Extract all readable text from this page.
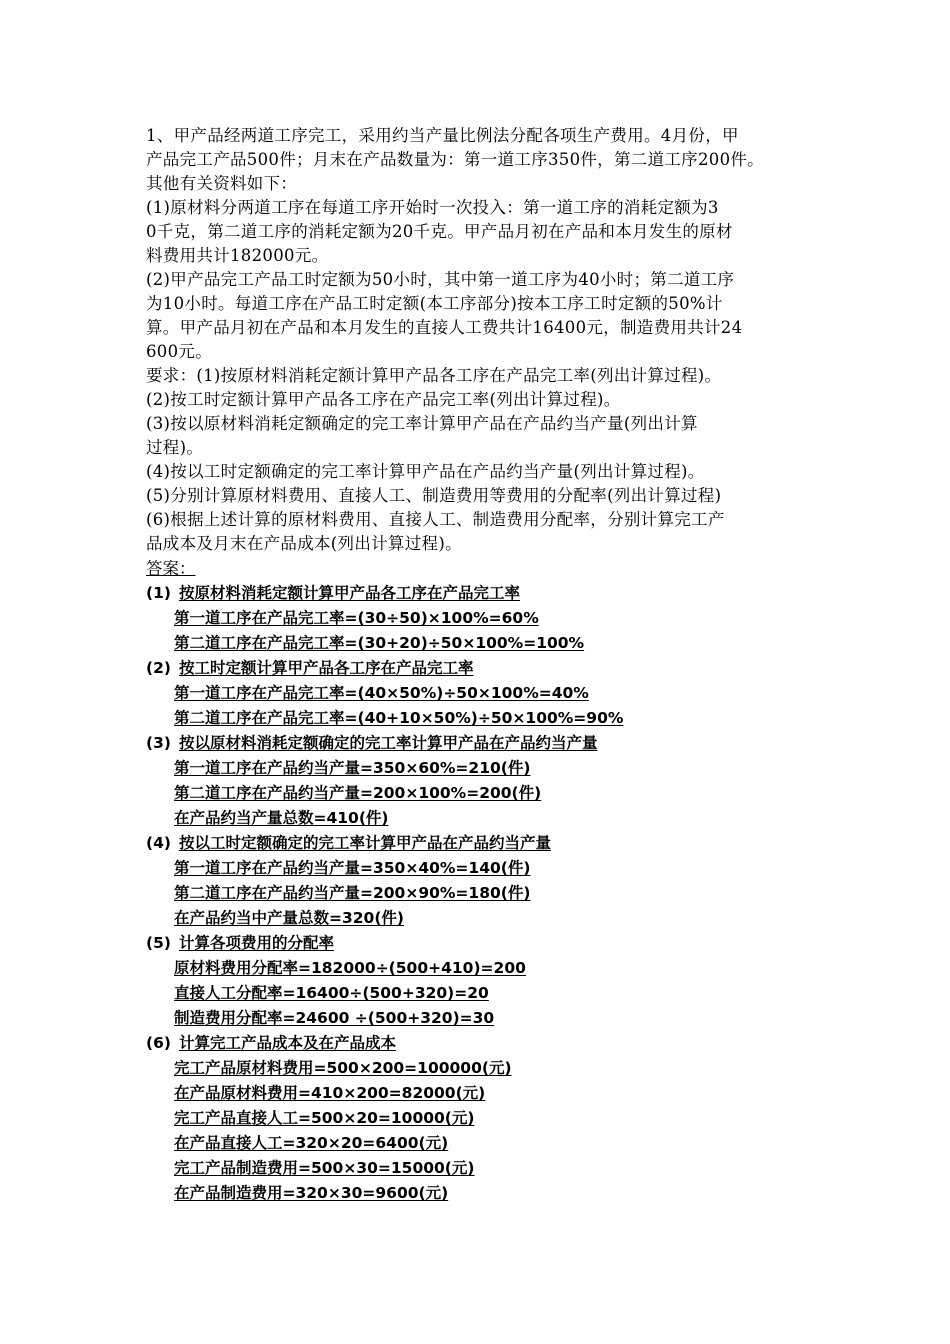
1、甲产品经两道工序完工，采用约当产量比例法分配各项生产费用。4月份，甲
产品完工产品500件；月末在产品数量为：第一道工序350件，第二道工序200件。
其他有关资料如下：
(1)原材料分两道工序在每道工序开始时一次投入：第一道工序的消耗定额为3
0千克，第二道工序的消耗定额为20千克。甲产品月初在产品和本月发生的原材
料费用共计182000元。
(2)甲产品完工产品工时定额为50小时，其中第一道工序为40小时；第二道工序
为10小时。每道工序在产品工时定额(本工序部分)按本工序工时定额的50%计
算。甲产品月初在产品和本月发生的直接人工费共计16400元，制造费用共计24
600元。
要求：(1)按原材料消耗定额计算甲产品各工序在产品完工率(列出计算过程)。
(2)按工时定额计算甲产品各工序在产品完工率(列出计算过程)。
(3)按以原材料消耗定额确定的完工率计算甲产品在产品约当产量(列出计算
过程)。
(4)按以工时定额确定的完工率计算甲产品在产品约当产量(列出计算过程)。
(5)分别计算原材料费用、直接人工、制造费用等费用的分配率(列出计算过程)
(6)根据上述计算的原材料费用、直接人工、制造费用分配率，分别计算完工产
品成本及月末在产品成本(列出计算过程)。
答案：
(1) 按原材料消耗定额计算甲产品各工序在产品完工率
第一道工序在产品完工率=(30÷50)×100%=60%
第二道工序在产品完工率=(30+20)÷50×100%=100%
(2) 按工时定额计算甲产品各工序在产品完工率
第一道工序在产品完工率=(40×50%)÷50×100%=40%
第二道工序在产品完工率=(40+10×50%)÷50×100%=90%
(3) 按以原材料消耗定额确定的完工率计算甲产品在产品约当产量
第一道工序在产品约当产量=350×60%=210(件)
第二道工序在产品约当产量=200×100%=200(件)
在产品约当产量总数=410(件)
(4) 按以工时定额确定的完工率计算甲产品在产品约当产量
第一道工序在产品约当产量=350×40%=140(件)
第二道工序在产品约当产量=200×90%=180(件)
在产品约当中产量总数=320(件)
(5) 计算各项费用的分配率
原材料费用分配率=182000÷(500+410)=200
直接人工分配率=16400÷(500+320)=20
制造费用分配率=24600 ÷(500+320)=30
(6) 计算完工产品成本及在产品成本
完工产品原材料费用=500×200=100000(元)
在产品原材料费用=410×200=82000(元)
完工产品直接人工=500×20=10000(元)
在产品直接人工=320×20=6400(元)
完工产品制造费用=500×30=15000(元)
在产品制造费用=320×30=9600(元)
